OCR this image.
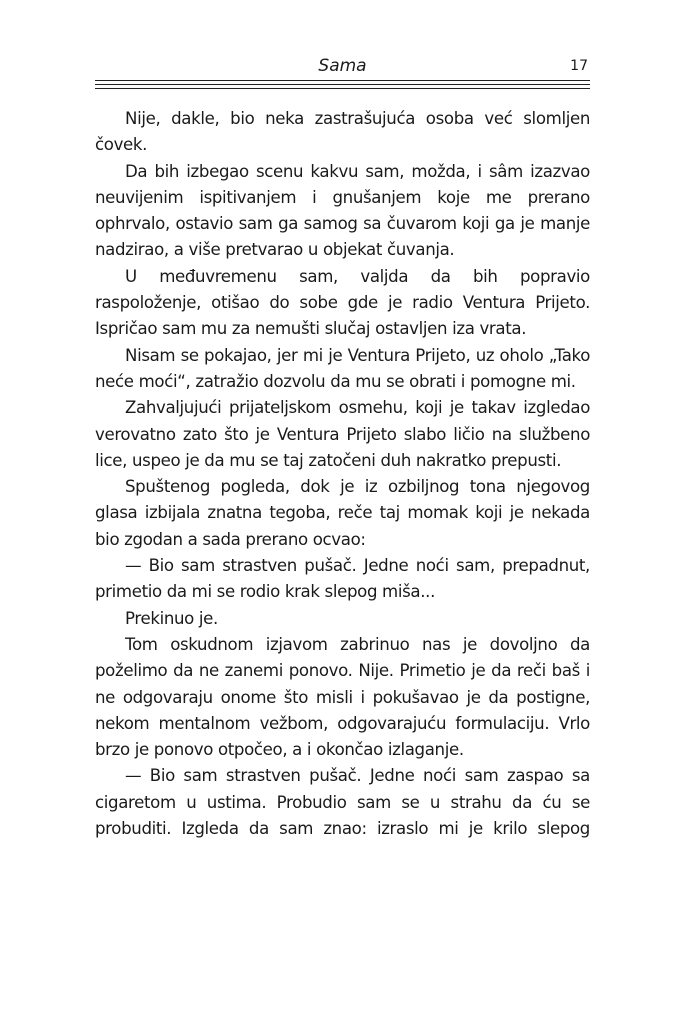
Sama	17

Nije, dakle, bio neka zastrašujuća osoba već slomljen čovek.

Da bih izbegao scenu kakvu sam, možda, i sâm izazvao neuvijenim ispitivanjem i gnušanjem koje me prerano ophrvalo, ostavio sam ga samog sa čuvarom koji ga je manje nadzirao, a više pretvarao u objekat čuvanja.

U međuvremenu sam, valjda da bih popravio raspoloženje, otišao do sobe gde je radio Ventura Prijeto. Ispričao sam mu za nemušti slučaj ostavljen iza vrata.

Nisam se pokajao, jer mi je Ventura Prijeto, uz oholo „Tako neće moći“, zatražio dozvolu da mu se obrati i pomogne mi.

Zahvaljujući prijateljskom osmehu, koji je takav izgledao verovatno zato što je Ventura Prijeto slabo ličio na službeno lice, uspeo je da mu se taj zatočeni duh nakratko prepusti.

Spuštenog pogleda, dok je iz ozbiljnog tona njegovog glasa izbijala znatna tegoba, reče taj momak koji je nekada bio zgodan a sada prerano ocvao:

— Bio sam strastven pušač. Jedne noći sam, prepadnut, primetio da mi se rodio krak slepog miša...

Prekinuo je.

Tom oskudnom izjavom zabrinuo nas je dovoljno da poželimo da ne zanemi ponovo. Nije. Primetio je da reči baš i ne odgovaraju onome što misli i pokušavao je da postigne, nekom mentalnom vežbom, odgovarajuću formulaciju. Vrlo brzo je ponovo otpočeo, a i okončao izlaganje.

— Bio sam strastven pušač. Jedne noći sam zaspao sa cigaretom u ustima. Probudio sam se u strahu da ću se probuditi. Izgleda da sam znao: izraslo mi je krilo slepog
